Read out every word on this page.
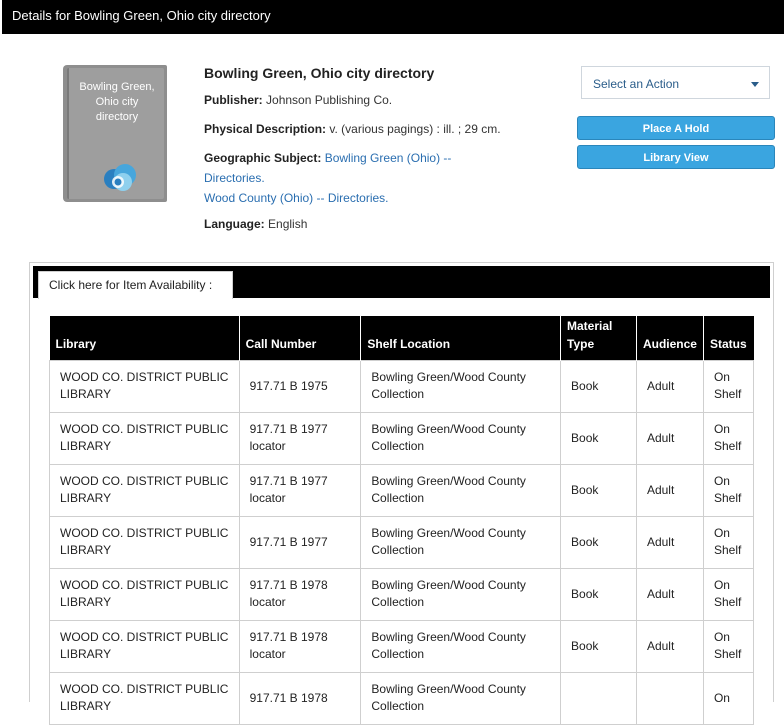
Details for Bowling Green, Ohio city directory
Bowling Green,
Ohio city
directory
Bowling Green, Ohio city directory
Publisher: Johnson Publishing Co.
Physical Description: v. (various pagings) : ill. ; 29 cm.
Geographic Subject: Bowling Green (Ohio) --
Directories.
Wood County (Ohio) -- Directories.
Language: English
Select an Action
Place A Hold
Library View
Click here for Item Availability :
Library	Call Number	Shelf Location	Material Type	Audience	Status
WOOD CO. DISTRICT PUBLIC LIBRARY	917.71 B 1975	Bowling Green/Wood County Collection	Book	Adult	On Shelf
WOOD CO. DISTRICT PUBLIC LIBRARY	917.71 B 1977 locator	Bowling Green/Wood County Collection	Book	Adult	On Shelf
WOOD CO. DISTRICT PUBLIC LIBRARY	917.71 B 1977 locator	Bowling Green/Wood County Collection	Book	Adult	On Shelf
WOOD CO. DISTRICT PUBLIC LIBRARY	917.71 B 1977	Bowling Green/Wood County Collection	Book	Adult	On Shelf
WOOD CO. DISTRICT PUBLIC LIBRARY	917.71 B 1978 locator	Bowling Green/Wood County Collection	Book	Adult	On Shelf
WOOD CO. DISTRICT PUBLIC LIBRARY	917.71 B 1978 locator	Bowling Green/Wood County Collection	Book	Adult	On Shelf
WOOD CO. DISTRICT PUBLIC LIBRARY	917.71 B 1978	Bowling Green/Wood County Collection			On
